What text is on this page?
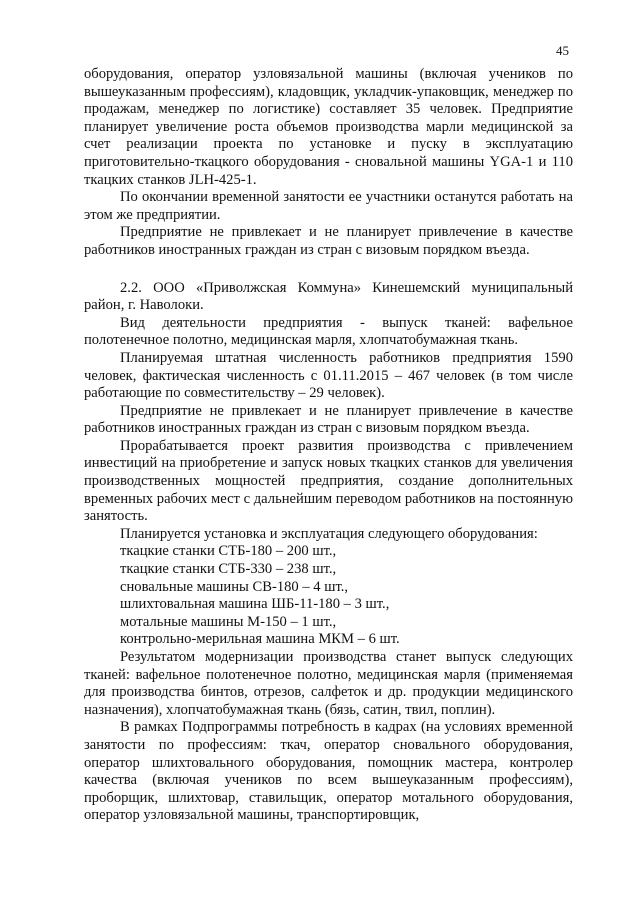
45

оборудования, оператор узловязальной машины (включая учеников по вышеуказанным профессиям), кладовщик, укладчик-упаковщик, менеджер по продажам, менеджер по логистике) составляет 35 человек. Предприятие планирует увеличение роста объемов производства марли медицинской за счет реализации проекта по установке и пуску в эксплуатацию приготовительно-ткацкого оборудования - сновальной машины YGA-1 и 110 ткацких станков JLH-425-1.

По окончании временной занятости ее участники останутся работать на этом же предприятии.

Предприятие не привлекает и не планирует привлечение в качестве работников иностранных граждан из стран с визовым порядком въезда.

2.2. ООО «Приволжская Коммуна» Кинешемский муниципальный район, г. Наволоки.

Вид деятельности предприятия - выпуск тканей: вафельное полотенечное полотно, медицинская марля, хлопчатобумажная ткань.

Планируемая штатная численность работников предприятия 1590 человек, фактическая численность с 01.11.2015 – 467 человек (в том числе работающие по совместительству – 29 человек).

Предприятие не привлекает и не планирует привлечение в качестве работников иностранных граждан из стран с визовым порядком въезда.

Прорабатывается проект развития производства с привлечением инвестиций на приобретение и запуск новых ткацких станков для увеличения производственных мощностей предприятия, создание дополнительных временных рабочих мест с дальнейшим переводом работников на постоянную занятость.

Планируется установка и эксплуатация следующего оборудования:

ткацкие станки СТБ-180 – 200 шт.,

ткацкие станки СТБ-330 – 238 шт.,

сновальные машины СВ-180 – 4 шт.,

шлихтовальная машина ШБ-11-180 – 3 шт.,

мотальные машины М-150 – 1 шт.,

контрольно-мерильная машина МКМ – 6 шт.

Результатом модернизации производства станет выпуск следующих тканей: вафельное полотенечное полотно, медицинская марля (применяемая для производства бинтов, отрезов, салфеток и др. продукции медицинского назначения), хлопчатобумажная ткань (бязь, сатин, твил, поплин).

В рамках Подпрограммы потребность в кадрах (на условиях временной занятости по профессиям: ткач, оператор сновального оборудования, оператор шлихтовального оборудования, помощник мастера, контролер качества (включая учеников по всем вышеуказанным профессиям), проборщик, шлихтовар, ставильщик, оператор мотального оборудования, оператор узловязальной машины, транспортировщик,
